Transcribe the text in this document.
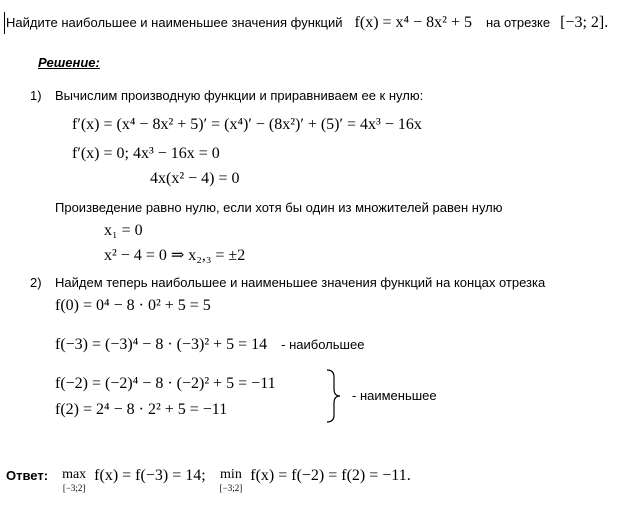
Найдите наибольшее и наименьшее значения функций f(x) = x⁴ − 8x² + 5 на отрезке [−3; 2].
Решение:
1) Вычислим производную функции и приравниваем ее к нулю:
f′(x) = (x⁴ − 8x² + 5)′ = (x⁴)′ − (8x²)′ + (5)′ = 4x³ − 16x
f′(x) = 0; 4x³ − 16x = 0
4x(x² − 4) = 0
Произведение равно нулю, если хотя бы один из множителей равен нулю
x₁ = 0
x² − 4 = 0 ⇒ x₂,₃ = ±2
2) Найдем теперь наибольшее и наименьшее значения функций на концах отрезка
f(0) = 0⁴ − 8 · 0² + 5 = 5
f(−3) = (−3)⁴ − 8 · (−3)² + 5 = 14 - наибольшее
f(−2) = (−2)⁴ − 8 · (−2)² + 5 = −11
f(2) = 2⁴ − 8 · 2² + 5 = −11
- наименьшее
Ответ: max
[−3;2]
f(x) = f(−3) = 14; min
[−3;2]
f(x) = f(−2) = f(2) = −11.
